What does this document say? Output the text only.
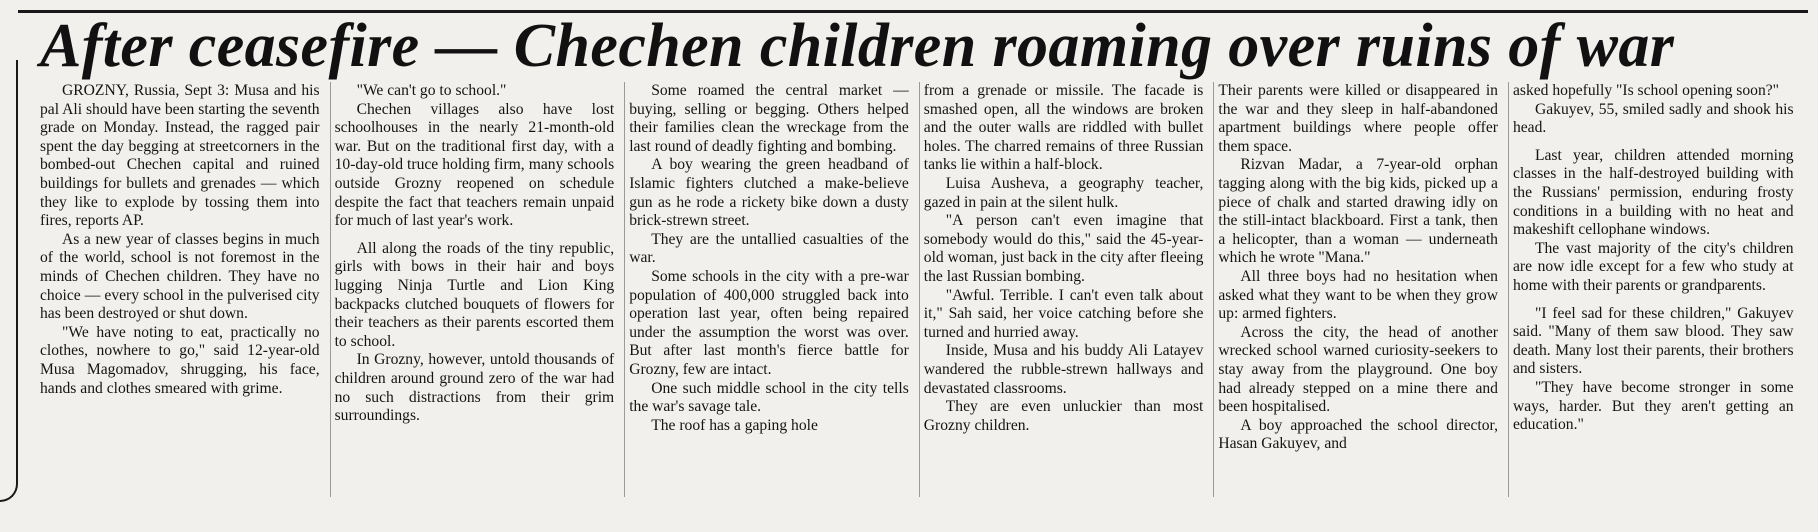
After ceasefire — Chechen children roaming over ruins of war

GROZNY, Russia, Sept 3: Musa and his pal Ali should have been starting the seventh grade on Monday. Instead, the ragged pair spent the day begging at streetcorners in the bombed-out Chechen capital and ruined buildings for bullets and grenades — which they like to explode by tossing them into fires, reports AP.

As a new year of classes begins in much of the world, school is not foremost in the minds of Chechen children. They have no choice — every school in the pulverised city has been destroyed or shut down.

"We have noting to eat, practically no clothes, nowhere to go," said 12-year-old Musa Magomadov, shrugging, his face, hands and clothes smeared with grime.

"We can't go to school."

Chechen villages also have lost schoolhouses in the nearly 21-month-old war. But on the traditional first day, with a 10-day-old truce holding firm, many schools outside Grozny reopened on schedule despite the fact that teachers remain unpaid for much of last year's work.

All along the roads of the tiny republic, girls with bows in their hair and boys lugging Ninja Turtle and Lion King backpacks clutched bouquets of flowers for their teachers as their parents escorted them to school.

In Grozny, however, untold thousands of children around ground zero of the war had no such distractions from their grim surroundings.

Some roamed the central market — buying, selling or begging. Others helped their families clean the wreckage from the last round of deadly fighting and bombing.

A boy wearing the green headband of Islamic fighters clutched a make-believe gun as he rode a rickety bike down a dusty brick-strewn street.

They are the untallied casualties of the war.

Some schools in the city with a pre-war population of 400,000 struggled back into operation last year, often being repaired under the assumption the worst was over. But after last month's fierce battle for Grozny, few are intact.

One such middle school in the city tells the war's savage tale.

The roof has a gaping hole

from a grenade or missile. The facade is smashed open, all the windows are broken and the outer walls are riddled with bullet holes. The charred remains of three Russian tanks lie within a half-block.

Luisa Ausheva, a geography teacher, gazed in pain at the silent hulk.

"A person can't even imagine that somebody would do this," said the 45-year-old woman, just back in the city after fleeing the last Russian bombing.

"Awful. Terrible. I can't even talk about it," Sah said, her voice catching before she turned and hurried away.

Inside, Musa and his buddy Ali Latayev wandered the rubble-strewn hallways and devastated classrooms.

They are even unluckier than most Grozny children.

Their parents were killed or disappeared in the war and they sleep in half-abandoned apartment buildings where people offer them space.

Rizvan Madar, a 7-year-old orphan tagging along with the big kids, picked up a piece of chalk and started drawing idly on the still-intact blackboard. First a tank, then a helicopter, than a woman — underneath which he wrote "Mana."

All three boys had no hesitation when asked what they want to be when they grow up: armed fighters.

Across the city, the head of another wrecked school warned curiosity-seekers to stay away from the playground. One boy had already stepped on a mine there and been hospitalised.

A boy approached the school director, Hasan Gakuyev, and

asked hopefully "Is school opening soon?"

Gakuyev, 55, smiled sadly and shook his head.

Last year, children attended morning classes in the half-destroyed building with the Russians' permission, enduring frosty conditions in a building with no heat and makeshift cellophane windows.

The vast majority of the city's children are now idle except for a few who study at home with their parents or grandparents.

"I feel sad for these children," Gakuyev said. "Many of them saw blood. They saw death. Many lost their parents, their brothers and sisters.

"They have become stronger in some ways, harder. But they aren't getting an education."
